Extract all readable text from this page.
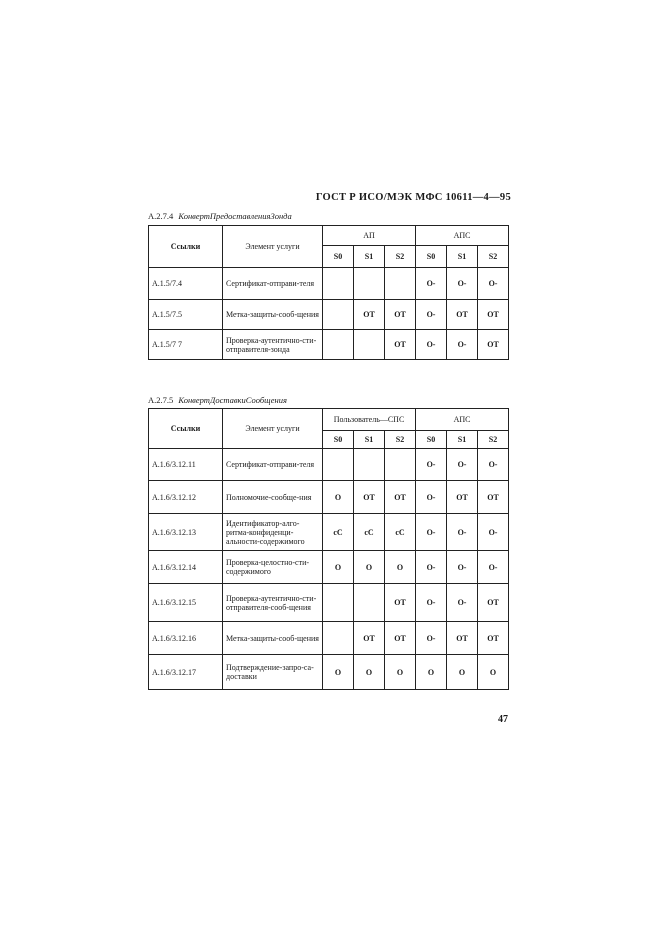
ГОСТ Р ИСО/МЭК МФС 10611—4—95
А.2.7.4 КонвертПредоставленияЗонда
Ссылки	Элемент услуги	АП			АПС		
		S0	S1	S2	S0	S1	S2
A.1.5/7.4	Сертификат-отправи-теля				O-	O-	O-
A.1.5/7.5	Метка-защиты-сооб-щения		OT	OT	O-	OT	OT
A.1.5/7 7	Проверка-аутентично-сти-отправителя-зонда			OT	O-	O-	OT
А.2.7.5 КонвертДоставкиСообщения
Ссылки	Элемент услуги	Пользователь—СПС			АПС		
		S0	S1	S2	S0	S1	S2
A.1.6/3.12.11	Сертификат-отправи-теля				O-	O-	O-
A.1.6/3.12.12	Полномочие-сообще-ния	O	OT	OT	O-	OT	OT
A.1.6/3.12.13	Идентификатор-алго-ритма-конфиденци-альности-содержимого	cC	cC	cC	O-	O-	O-
A.1.6/3.12.14	Проверка-целостно-сти-содержимого	O	O	O	O-	O-	O-
A.1.6/3.12.15	Проверка-аутентично-сти-отправителя-сооб-щения			OT	O-	O-	OT
A.1.6/3.12.16	Метка-защиты-сооб-щения		OT	OT	O-	OT	OT
A.1.6/3.12.17	Подтверждение-запро-са-доставки	O	O	O	O	O	O
47
